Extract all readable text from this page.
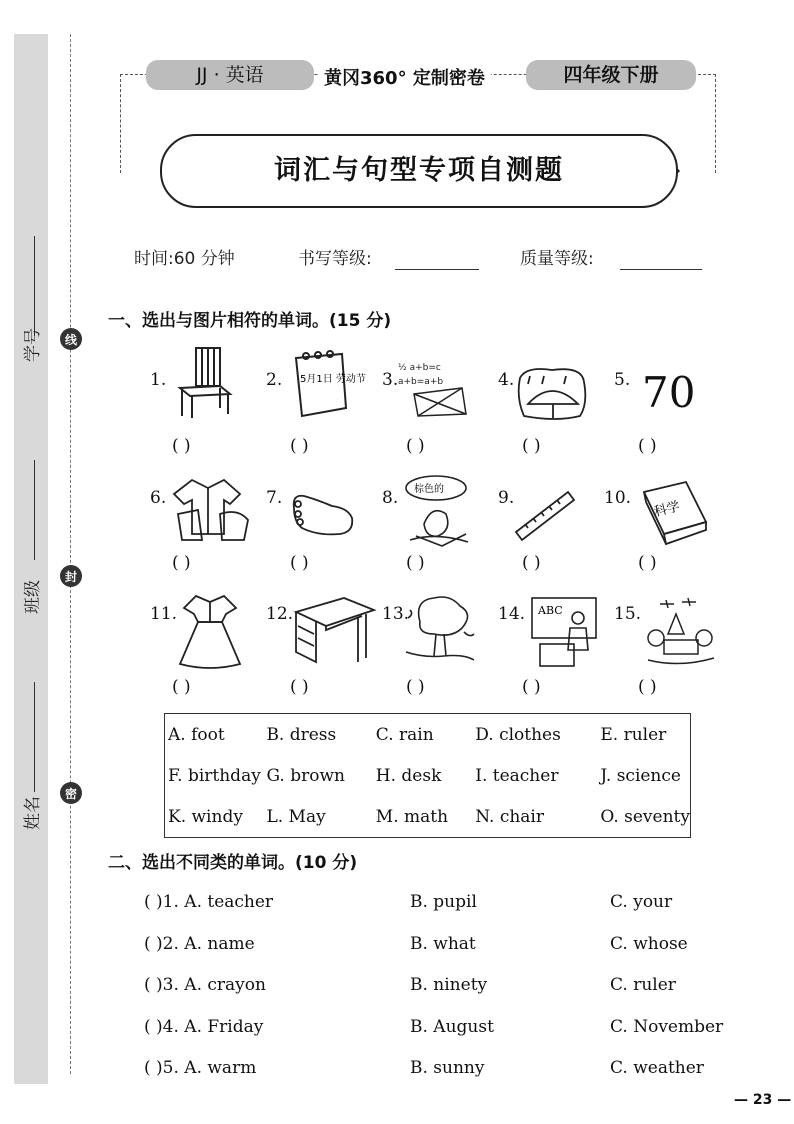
学号
班级
姓名
线
封
密
JJ · 英语	黄冈360° 定制密卷	四年级下册
词汇与句型专项自测题
时间:60 分钟	书写等级:	质量等级:
一、选出与图片相符的单词。(15 分)
1.	2. 5月1日 劳动节 3.
½ a+b=c
a+b=a+b	4.	5. 70
( )	( )	( )	( )	( )
6.	7.	8. 棕色的	9.	10.
科学
( )	( )	( )	( )	( )
11.	12.	13.	14. ABC	15.
( )	( )	( )	( )	( )
A. foot	B. dress	C. rain	D. clothes	E. ruler
F. birthday	G. brown	H. desk	I. teacher	J. science
K. windy	L. May	M. math	N. chair	O. seventy
二、选出不同类的单词。(10 分)
( )1. A. teacher	B. pupil	C. your
( )2. A. name	B. what	C. whose
( )3. A. crayon	B. ninety	C. ruler
( )4. A. Friday	B. August	C. November
( )5. A. warm	B. sunny	C. weather
— 23 —
